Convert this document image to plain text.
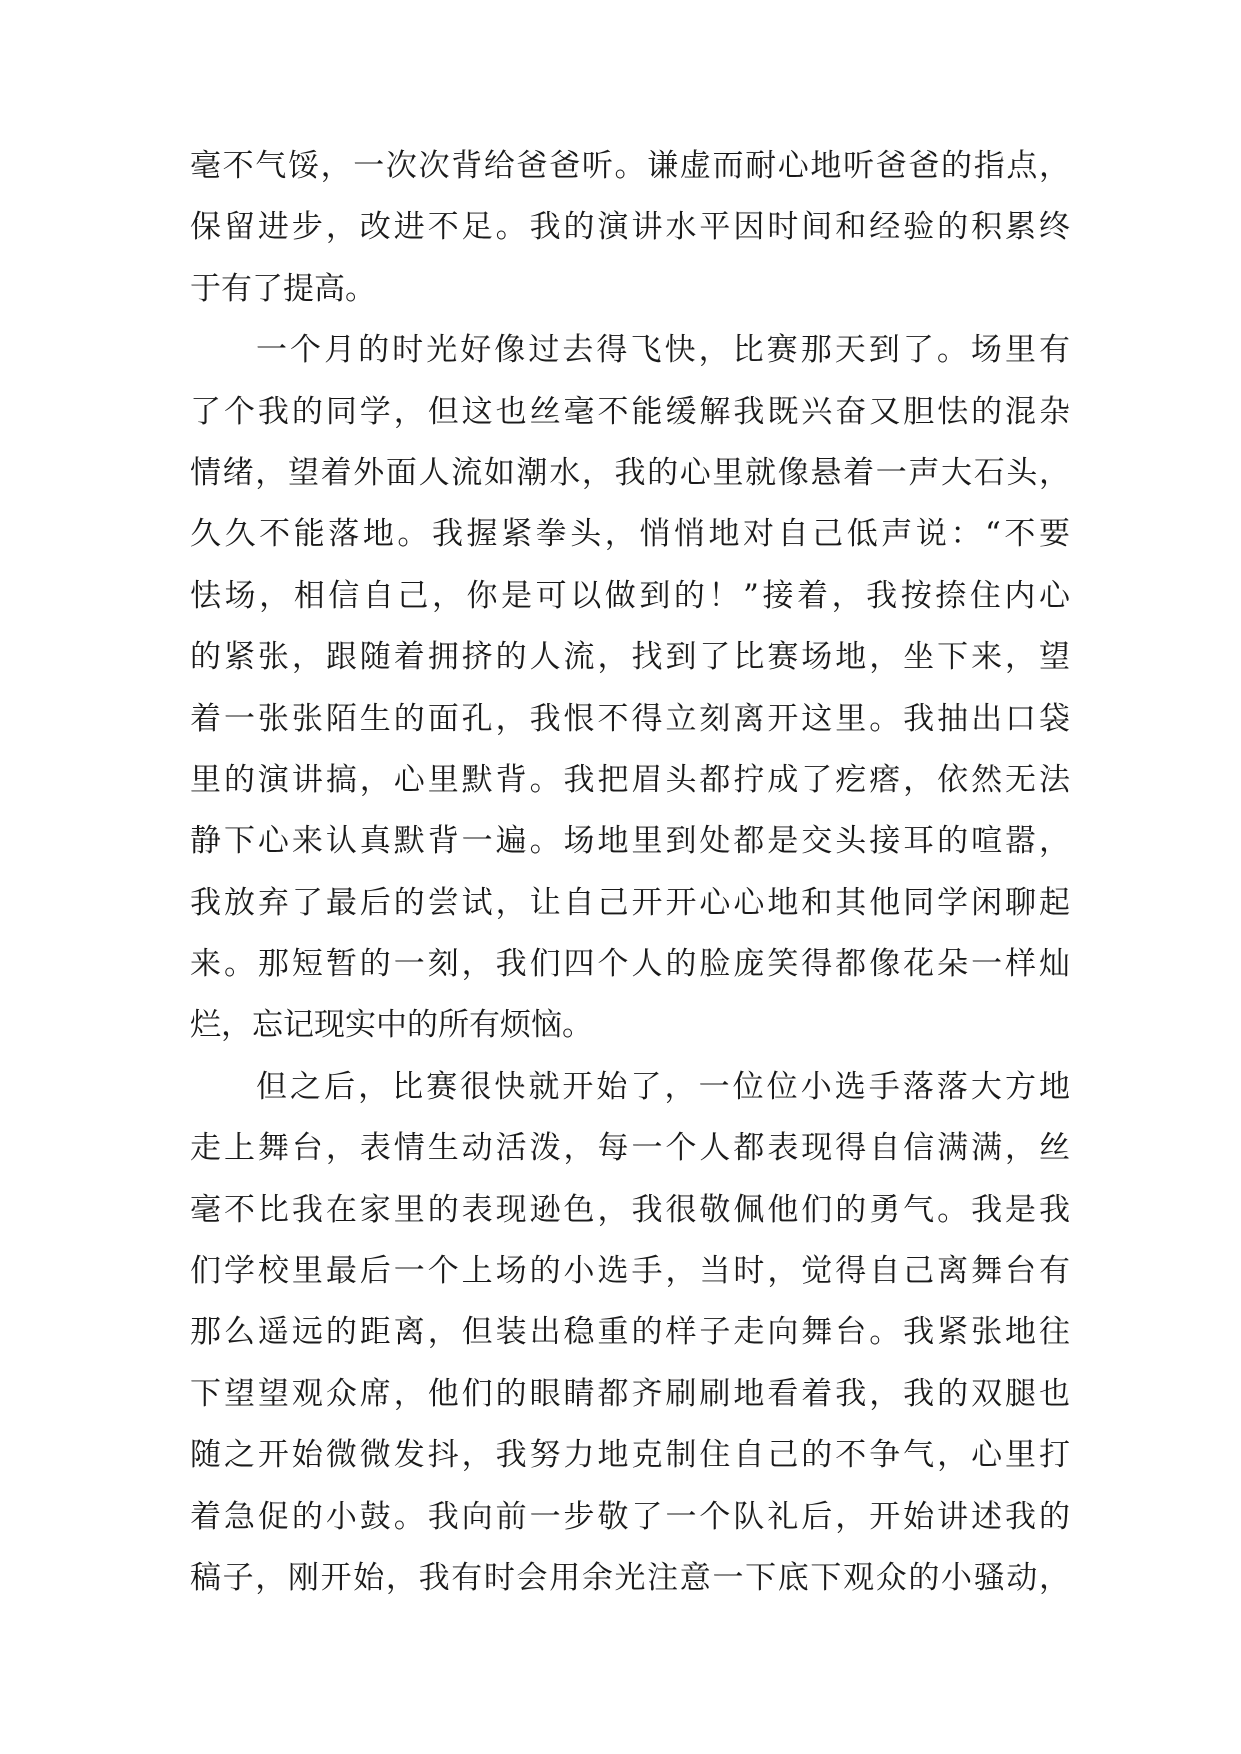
毫不气馁，一次次背给爸爸听。谦虚而耐心地听爸爸的指点，
保留进步，改进不足。我的演讲水平因时间和经验的积累终
于有了提高。
一个月的时光好像过去得飞快，比赛那天到了。场里有
了个我的同学，但这也丝毫不能缓解我既兴奋又胆怯的混杂
情绪，望着外面人流如潮水，我的心里就像悬着一声大石头，
久久不能落地。我握紧拳头，悄悄地对自己低声说：“不要
怯场，相信自己，你是可以做到的！”接着，我按捺住内心
的紧张，跟随着拥挤的人流，找到了比赛场地，坐下来，望
着一张张陌生的面孔，我恨不得立刻离开这里。我抽出口袋
里的演讲搞，心里默背。我把眉头都拧成了疙瘩，依然无法
静下心来认真默背一遍。场地里到处都是交头接耳的喧嚣，
我放弃了最后的尝试，让自己开开心心地和其他同学闲聊起
来。那短暂的一刻，我们四个人的脸庞笑得都像花朵一样灿
烂，忘记现实中的所有烦恼。
但之后，比赛很快就开始了，一位位小选手落落大方地
走上舞台，表情生动活泼，每一个人都表现得自信满满，丝
毫不比我在家里的表现逊色，我很敬佩他们的勇气。我是我
们学校里最后一个上场的小选手，当时，觉得自己离舞台有
那么遥远的距离，但装出稳重的样子走向舞台。我紧张地往
下望望观众席，他们的眼睛都齐刷刷地看着我，我的双腿也
随之开始微微发抖，我努力地克制住自己的不争气，心里打
着急促的小鼓。我向前一步敬了一个队礼后，开始讲述我的
稿子，刚开始，我有时会用余光注意一下底下观众的小骚动，
